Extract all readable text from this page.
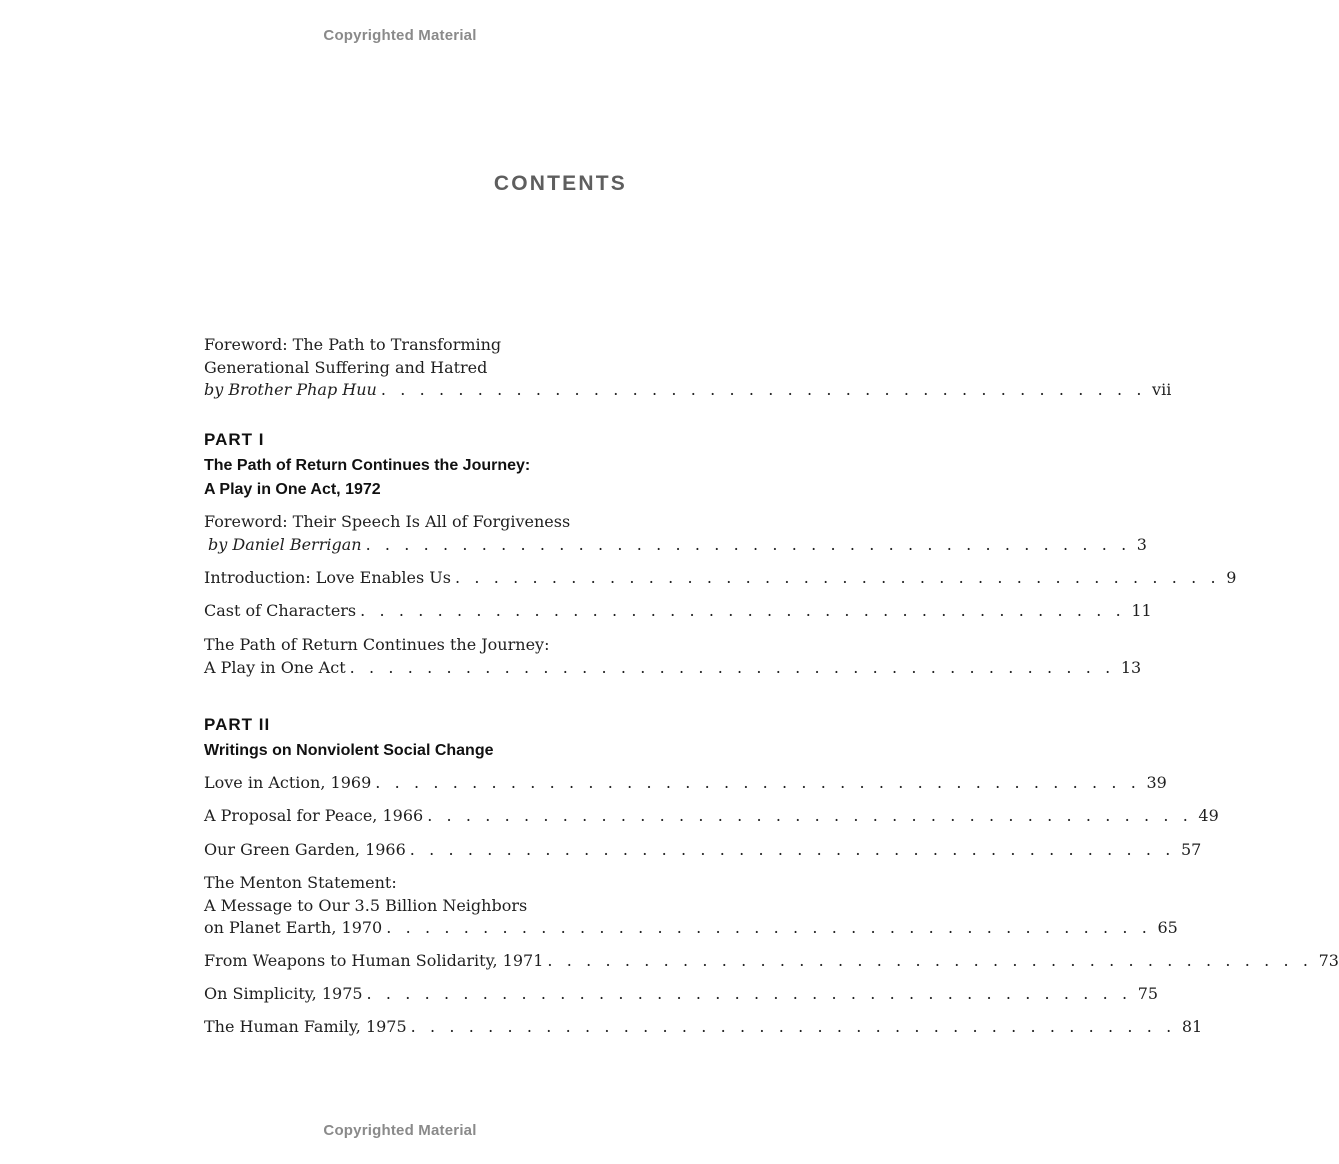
Copyrighted Material
CONTENTS
Foreword: The Path to Transforming
Generational Suffering and Hatred
by Brother Phap Huu . . . . . . . . . . . . . . . . . . . . . . . . . . . . . . . . . . . . . . . . vii
PART I
The Path of Return Continues the Journey:
A Play in One Act, 1972
Foreword: Their Speech Is All of Forgiveness
by Daniel Berrigan . . . . . . . . . . . . . . . . . . . . . . . . . . . . . . . . . . . . . . . . 3
Introduction: Love Enables Us . . . . . . . . . . . . . . . . . . . . . . . . . . . . . . . . . . . . . . . . 9
Cast of Characters . . . . . . . . . . . . . . . . . . . . . . . . . . . . . . . . . . . . . . . . 11
The Path of Return Continues the Journey:
A Play in One Act . . . . . . . . . . . . . . . . . . . . . . . . . . . . . . . . . . . . . . . . 13
PART II
Writings on Nonviolent Social Change
Love in Action, 1969 . . . . . . . . . . . . . . . . . . . . . . . . . . . . . . . . . . . . . . . . 39
A Proposal for Peace, 1966 . . . . . . . . . . . . . . . . . . . . . . . . . . . . . . . . . . . . . . . . 49
Our Green Garden, 1966 . . . . . . . . . . . . . . . . . . . . . . . . . . . . . . . . . . . . . . . . 57
The Menton Statement:
A Message to Our 3.5 Billion Neighbors
on Planet Earth, 1970 . . . . . . . . . . . . . . . . . . . . . . . . . . . . . . . . . . . . . . . . 65
From Weapons to Human Solidarity, 1971 . . . . . . . . . . . . . . . . . . . . . . . . . . . . . . . . . . . . . . . . 73
On Simplicity, 1975 . . . . . . . . . . . . . . . . . . . . . . . . . . . . . . . . . . . . . . . . 75
The Human Family, 1975 . . . . . . . . . . . . . . . . . . . . . . . . . . . . . . . . . . . . . . . . 81
Copyrighted Material
